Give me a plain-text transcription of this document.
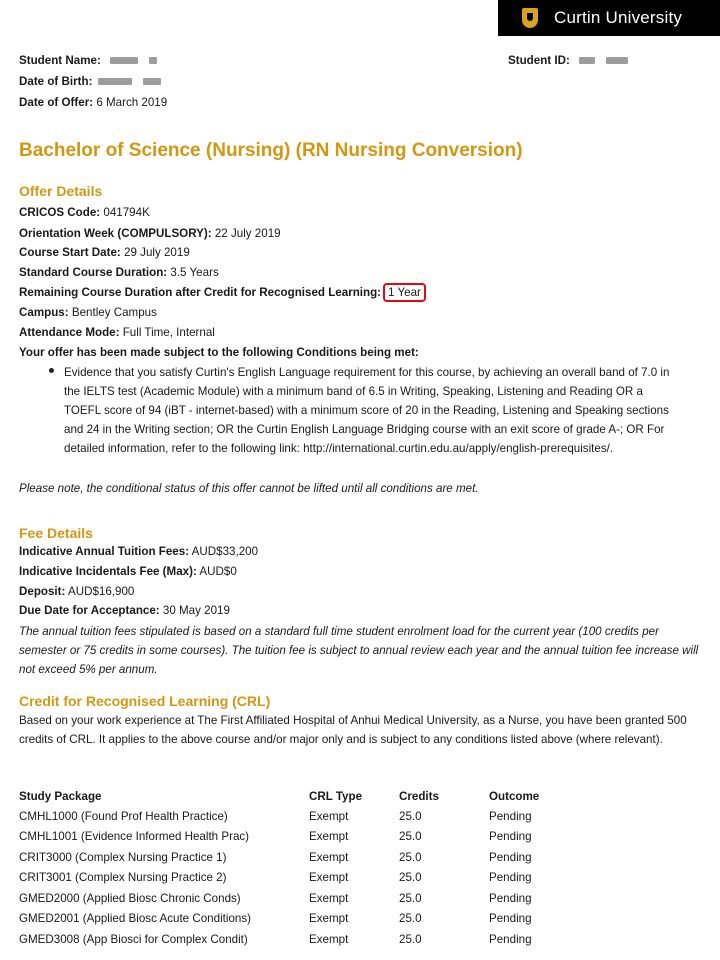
Curtin University
Student Name:
Date of Birth:
Date of Offer: 6 March 2019
Student ID:
Bachelor of Science (Nursing) (RN Nursing Conversion)
Offer Details
CRICOS Code: 041794K
Orientation Week (COMPULSORY): 22 July 2019
Course Start Date: 29 July 2019
Standard Course Duration: 3.5 Years
Remaining Course Duration after Credit for Recognised Learning: 1 Year
Campus: Bentley Campus
Attendance Mode: Full Time, Internal
Your offer has been made subject to the following Conditions being met:
Evidence that you satisfy Curtin's English Language requirement for this course, by achieving an overall band of 7.0 in the IELTS test (Academic Module) with a minimum band of 6.5 in Writing, Speaking, Listening and Reading OR a TOEFL score of 94 (iBT - internet-based) with a minimum score of 20 in the Reading, Listening and Speaking sections and 24 in the Writing section; OR the Curtin English Language Bridging course with an exit score of grade A-; OR For detailed information, refer to the following link: http://international.curtin.edu.au/apply/english-prerequisites/.
Please note, the conditional status of this offer cannot be lifted until all conditions are met.
Fee Details
Indicative Annual Tuition Fees: AUD$33,200
Indicative Incidentals Fee (Max): AUD$0
Deposit: AUD$16,900
Due Date for Acceptance: 30 May 2019
The annual tuition fees stipulated is based on a standard full time student enrolment load for the current year (100 credits per semester or 75 credits in some courses). The tuition fee is subject to annual review each year and the annual tuition fee increase will not exceed 5% per annum.
Credit for Recognised Learning (CRL)
Based on your work experience at The First Affiliated Hospital of Anhui Medical University, as a Nurse, you have been granted 500 credits of CRL. It applies to the above course and/or major only and is subject to any conditions listed above (where relevant).
Study Package	CRL Type	Credits	Outcome
CMHL1000 (Found Prof Health Practice)	Exempt	25.0	Pending
CMHL1001 (Evidence Informed Health Prac)	Exempt	25.0	Pending
CRIT3000 (Complex Nursing Practice 1)	Exempt	25.0	Pending
CRIT3001 (Complex Nursing Practice 2)	Exempt	25.0	Pending
GMED2000 (Applied Biosc Chronic Conds)	Exempt	25.0	Pending
GMED2001 (Applied Biosc Acute Conditions)	Exempt	25.0	Pending
GMED3008 (App Biosci for Complex Condit)	Exempt	25.0	Pending
